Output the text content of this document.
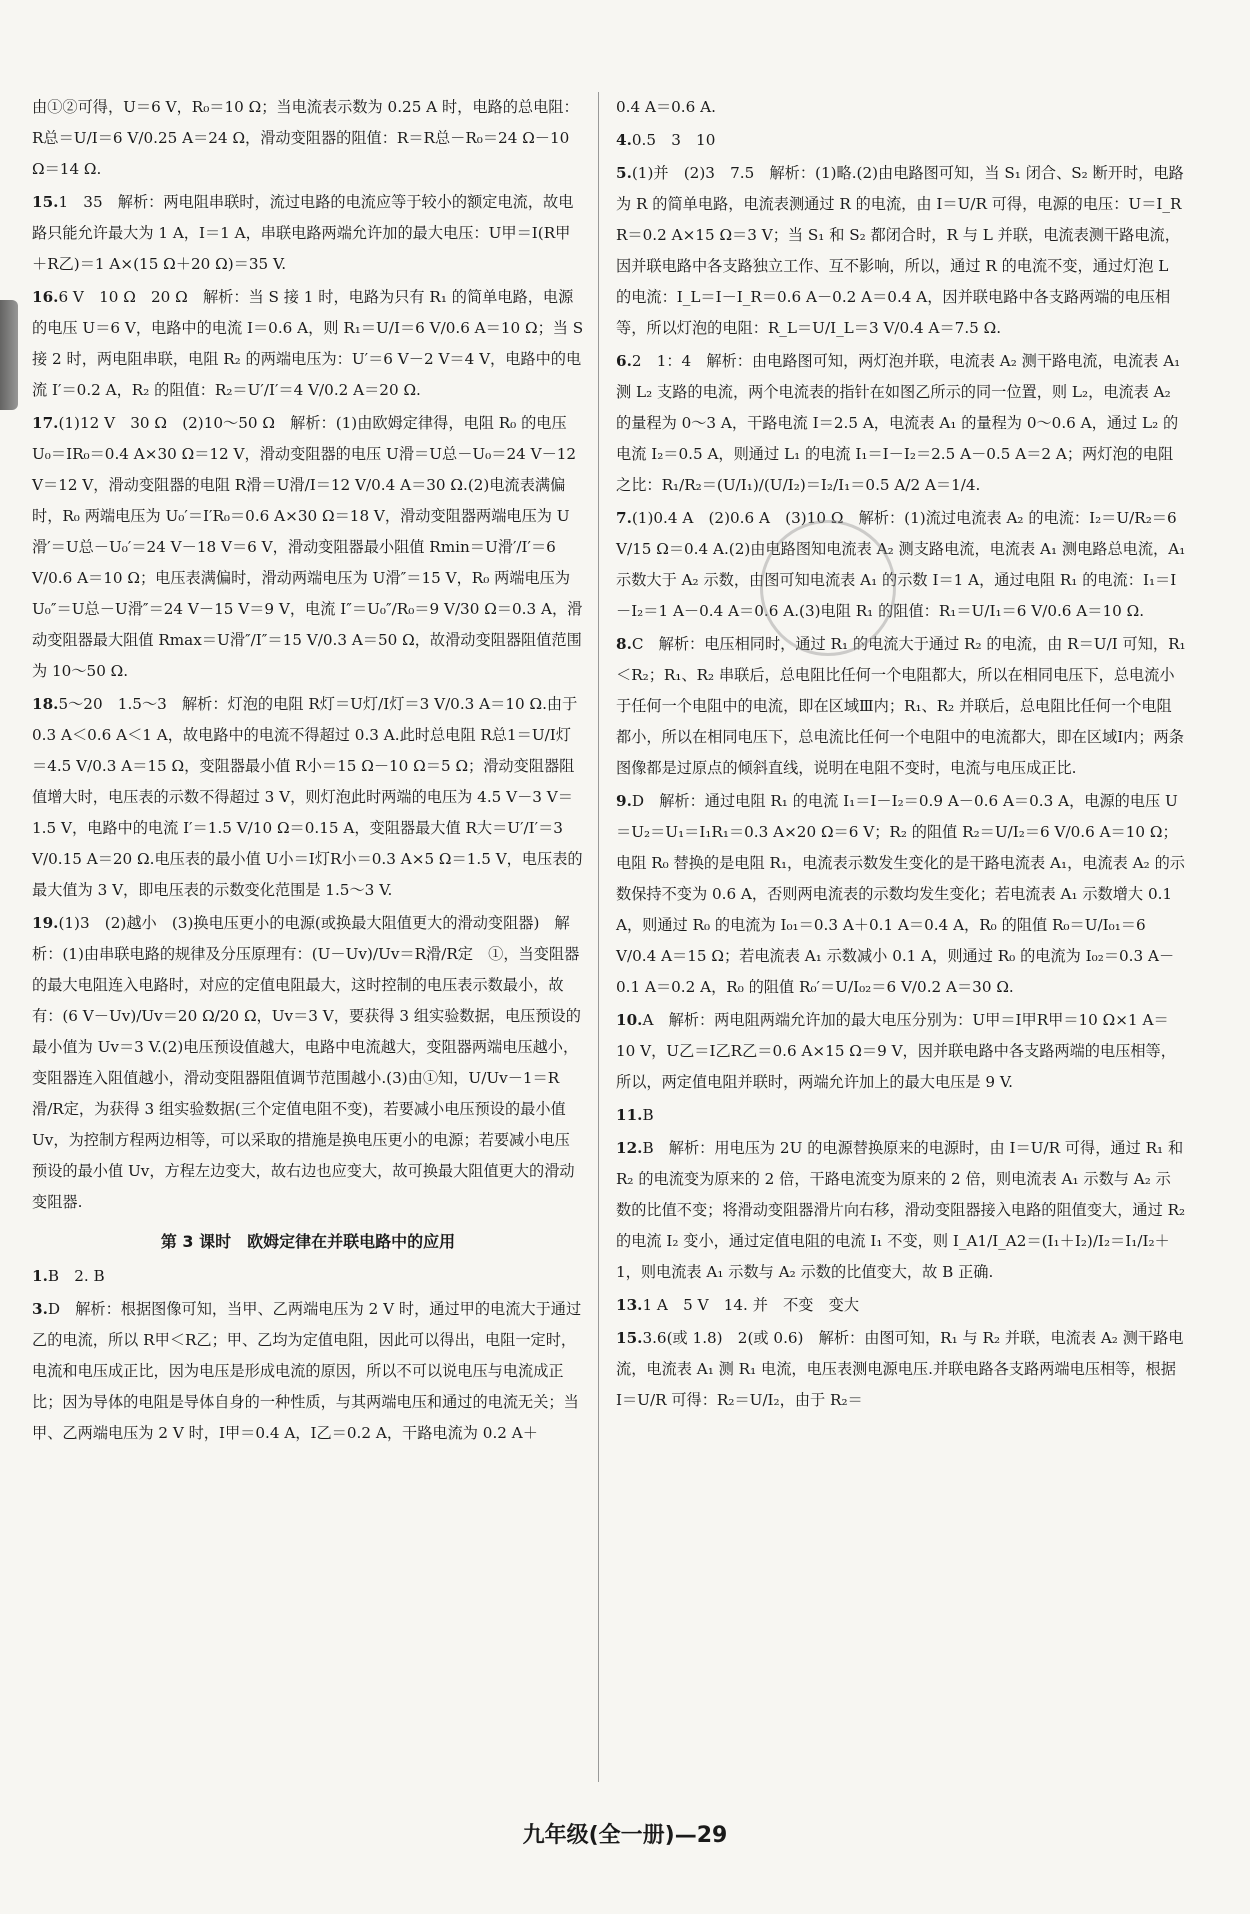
由①②可得，U＝6 V，R₀＝10 Ω；当电流表示数为 0.25 A 时，电路的总电阻：R总＝U/I＝6 V/0.25 A＝24 Ω，滑动变阻器的阻值：R＝R总－R₀＝24 Ω－10 Ω＝14 Ω.
15.1　35　解析：两电阻串联时，流过电路的电流应等于较小的额定电流，故电路只能允许最大为 1 A，I＝1 A，串联电路两端允许加的最大电压：U甲＝I(R甲＋R乙)＝1 A×(15 Ω＋20 Ω)＝35 V.
16.6 V　10 Ω　20 Ω　解析：当 S 接 1 时，电路为只有 R₁ 的简单电路，电源的电压 U＝6 V，电路中的电流 I＝0.6 A，则 R₁＝U/I＝6 V/0.6 A＝10 Ω；当 S 接 2 时，两电阻串联，电阻 R₂ 的两端电压为：U′＝6 V－2 V＝4 V，电路中的电流 I′＝0.2 A，R₂ 的阻值：R₂＝U′/I′＝4 V/0.2 A＝20 Ω.
17.(1)12 V　30 Ω　(2)10～50 Ω　解析：(1)由欧姆定律得，电阻 R₀ 的电压 U₀＝IR₀＝0.4 A×30 Ω＝12 V，滑动变阻器的电压 U滑＝U总－U₀＝24 V－12 V＝12 V，滑动变阻器的电阻 R滑＝U滑/I＝12 V/0.4 A＝30 Ω.(2)电流表满偏时，R₀ 两端电压为 U₀′＝I′R₀＝0.6 A×30 Ω＝18 V，滑动变阻器两端电压为 U滑′＝U总－U₀′＝24 V－18 V＝6 V，滑动变阻器最小阻值 Rmin＝U滑′/I′＝6 V/0.6 A＝10 Ω；电压表满偏时，滑动两端电压为 U滑″＝15 V，R₀ 两端电压为 U₀″＝U总－U滑″＝24 V－15 V＝9 V，电流 I″＝U₀″/R₀＝9 V/30 Ω＝0.3 A，滑动变阻器最大阻值 Rmax＝U滑″/I″＝15 V/0.3 A＝50 Ω，故滑动变阻器阻值范围为 10～50 Ω.
18.5～20　1.5～3　解析：灯泡的电阻 R灯＝U灯/I灯＝3 V/0.3 A＝10 Ω.由于 0.3 A＜0.6 A＜1 A，故电路中的电流不得超过 0.3 A.此时总电阻 R总1＝U/I灯＝4.5 V/0.3 A＝15 Ω，变阻器最小值 R小＝15 Ω－10 Ω＝5 Ω；滑动变阻器阻值增大时，电压表的示数不得超过 3 V，则灯泡此时两端的电压为 4.5 V－3 V＝1.5 V，电路中的电流 I′＝1.5 V/10 Ω＝0.15 A，变阻器最大值 R大＝U′/I′＝3 V/0.15 A＝20 Ω.电压表的最小值 U小＝I灯R小＝0.3 A×5 Ω＝1.5 V，电压表的最大值为 3 V，即电压表的示数变化范围是 1.5～3 V.
19.(1)3　(2)越小　(3)换电压更小的电源(或换最大阻值更大的滑动变阻器)　解析：(1)由串联电路的规律及分压原理有：(U－Uv)/Uv＝R滑/R定　①，当变阻器的最大电阻连入电路时，对应的定值电阻最大，这时控制的电压表示数最小，故有：(6 V－Uv)/Uv＝20 Ω/20 Ω，Uv＝3 V，要获得 3 组实验数据，电压预设的最小值为 Uv＝3 V.(2)电压预设值越大，电路中电流越大，变阻器两端电压越小，变阻器连入阻值越小，滑动变阻器阻值调节范围越小.(3)由①知，U/Uv－1＝R滑/R定，为获得 3 组实验数据(三个定值电阻不变)，若要减小电压预设的最小值 Uv，为控制方程两边相等，可以采取的措施是换电压更小的电源；若要减小电压预设的最小值 Uv，方程左边变大，故右边也应变大，故可换最大阻值更大的滑动变阻器.
第 3 课时　欧姆定律在并联电路中的应用
1.B　2. B
3.D　解析：根据图像可知，当甲、乙两端电压为 2 V 时，通过甲的电流大于通过乙的电流，所以 R甲＜R乙；甲、乙均为定值电阻，因此可以得出，电阻一定时，电流和电压成正比，因为电压是形成电流的原因，所以不可以说电压与电流成正比；因为导体的电阻是导体自身的一种性质，与其两端电压和通过的电流无关；当甲、乙两端电压为 2 V 时，I甲＝0.4 A，I乙＝0.2 A，干路电流为 0.2 A＋
0.4 A＝0.6 A.
4.0.5　3　10
5.(1)并　(2)3　7.5　解析：(1)略.(2)由电路图可知，当 S₁ 闭合、S₂ 断开时，电路为 R 的简单电路，电流表测通过 R 的电流，由 I＝U/R 可得，电源的电压：U＝I_R R＝0.2 A×15 Ω＝3 V；当 S₁ 和 S₂ 都闭合时，R 与 L 并联，电流表测干路电流，因并联电路中各支路独立工作、互不影响，所以，通过 R 的电流不变，通过灯泡 L 的电流：I_L＝I－I_R＝0.6 A－0.2 A＝0.4 A，因并联电路中各支路两端的电压相等，所以灯泡的电阻：R_L＝U/I_L＝3 V/0.4 A＝7.5 Ω.
6.2　1：4　解析：由电路图可知，两灯泡并联，电流表 A₂ 测干路电流，电流表 A₁ 测 L₂ 支路的电流，两个电流表的指针在如图乙所示的同一位置，则 L₂，电流表 A₂ 的量程为 0～3 A，干路电流 I＝2.5 A，电流表 A₁ 的量程为 0～0.6 A，通过 L₂ 的电流 I₂＝0.5 A，则通过 L₁ 的电流 I₁＝I－I₂＝2.5 A－0.5 A＝2 A；两灯泡的电阻之比：R₁/R₂＝(U/I₁)/(U/I₂)＝I₂/I₁＝0.5 A/2 A＝1/4.
7.(1)0.4 A　(2)0.6 A　(3)10 Ω　解析：(1)流过电流表 A₂ 的电流：I₂＝U/R₂＝6 V/15 Ω＝0.4 A.(2)由电路图知电流表 A₂ 测支路电流，电流表 A₁ 测电路总电流，A₁ 示数大于 A₂ 示数，由图可知电流表 A₁ 的示数 I＝1 A，通过电阻 R₁ 的电流：I₁＝I－I₂＝1 A－0.4 A＝0.6 A.(3)电阻 R₁ 的阻值：R₁＝U/I₁＝6 V/0.6 A＝10 Ω.
8.C　解析：电压相同时，通过 R₁ 的电流大于通过 R₂ 的电流，由 R＝U/I 可知，R₁＜R₂；R₁、R₂ 串联后，总电阻比任何一个电阻都大，所以在相同电压下，总电流小于任何一个电阻中的电流，即在区域Ⅲ内；R₁、R₂ 并联后，总电阻比任何一个电阻都小，所以在相同电压下，总电流比任何一个电阻中的电流都大，即在区域Ⅰ内；两条图像都是过原点的倾斜直线，说明在电阻不变时，电流与电压成正比.
9.D　解析：通过电阻 R₁ 的电流 I₁＝I－I₂＝0.9 A－0.6 A＝0.3 A，电源的电压 U＝U₂＝U₁＝I₁R₁＝0.3 A×20 Ω＝6 V；R₂ 的阻值 R₂＝U/I₂＝6 V/0.6 A＝10 Ω；电阻 R₀ 替换的是电阻 R₁，电流表示数发生变化的是干路电流表 A₁，电流表 A₂ 的示数保持不变为 0.6 A，否则两电流表的示数均发生变化；若电流表 A₁ 示数增大 0.1 A，则通过 R₀ 的电流为 I₀₁＝0.3 A＋0.1 A＝0.4 A，R₀ 的阻值 R₀＝U/I₀₁＝6 V/0.4 A＝15 Ω；若电流表 A₁ 示数减小 0.1 A，则通过 R₀ 的电流为 I₀₂＝0.3 A－0.1 A＝0.2 A，R₀ 的阻值 R₀′＝U/I₀₂＝6 V/0.2 A＝30 Ω.
10.A　解析：两电阻两端允许加的最大电压分别为：U甲＝I甲R甲＝10 Ω×1 A＝10 V，U乙＝I乙R乙＝0.6 A×15 Ω＝9 V，因并联电路中各支路两端的电压相等，所以，两定值电阻并联时，两端允许加上的最大电压是 9 V.
11.B
12.B　解析：用电压为 2U 的电源替换原来的电源时，由 I＝U/R 可得，通过 R₁ 和 R₂ 的电流变为原来的 2 倍，干路电流变为原来的 2 倍，则电流表 A₁ 示数与 A₂ 示数的比值不变；将滑动变阻器滑片向右移，滑动变阻器接入电路的阻值变大，通过 R₂ 的电流 I₂ 变小，通过定值电阻的电流 I₁ 不变，则 I_A1/I_A2＝(I₁＋I₂)/I₂＝I₁/I₂＋1，则电流表 A₁ 示数与 A₂ 示数的比值变大，故 B 正确.
13.1 A　5 V　14. 并　不变　变大
15.3.6(或 1.8)　2(或 0.6)　解析：由图可知，R₁ 与 R₂ 并联，电流表 A₂ 测干路电流，电流表 A₁ 测 R₁ 电流，电压表测电源电压.并联电路各支路两端电压相等，根据 I＝U/R 可得：R₂＝U/I₂，由于 R₂＝
九年级(全一册)—29
